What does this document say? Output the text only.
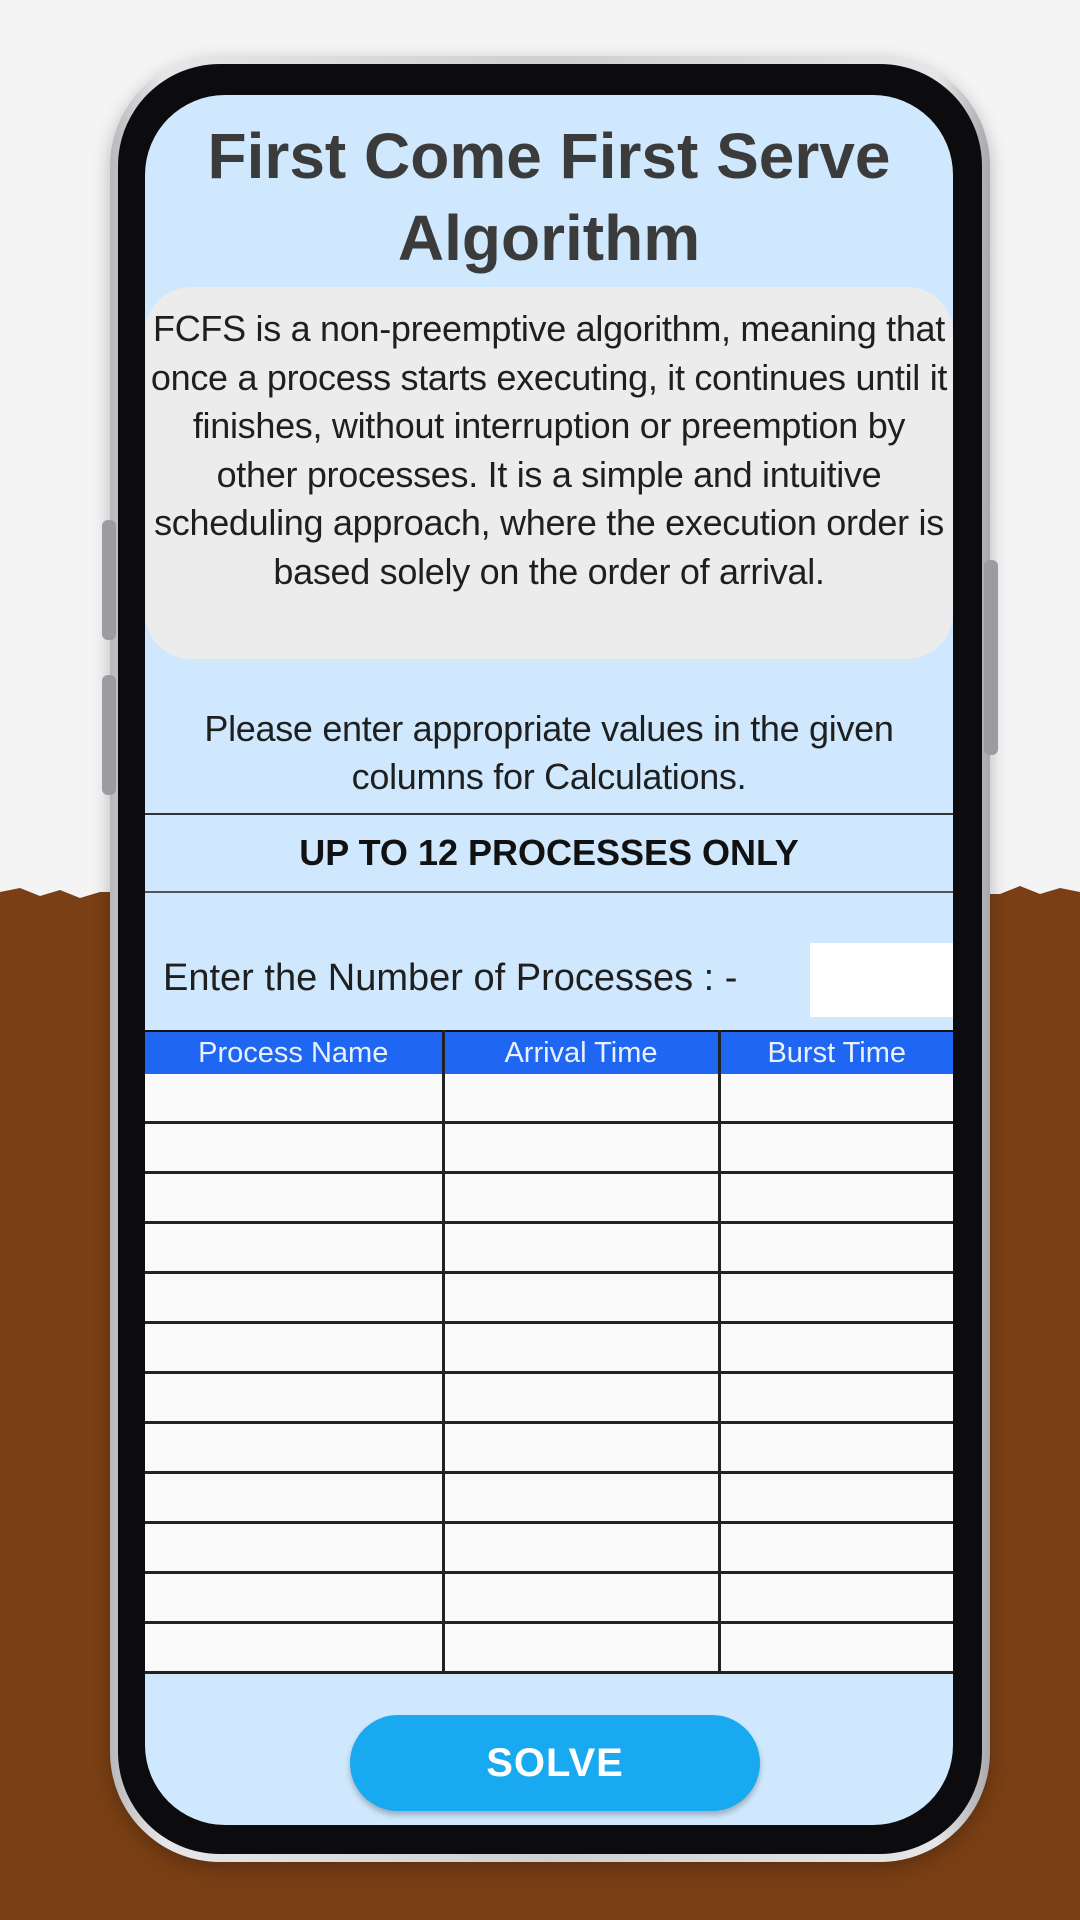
First Come First Serve Algorithm
FCFS is a non-preemptive algorithm, meaning that once a process starts executing, it continues until it finishes, without interruption or preemption by other processes. It is a simple and intuitive scheduling approach, where the execution order is based solely on the order of arrival.
Please enter appropriate values in the given columns for Calculations.
UP TO 12 PROCESSES ONLY
Enter the Number of Processes : -
Process Name	Arrival Time	Burst Time

SOLVE
